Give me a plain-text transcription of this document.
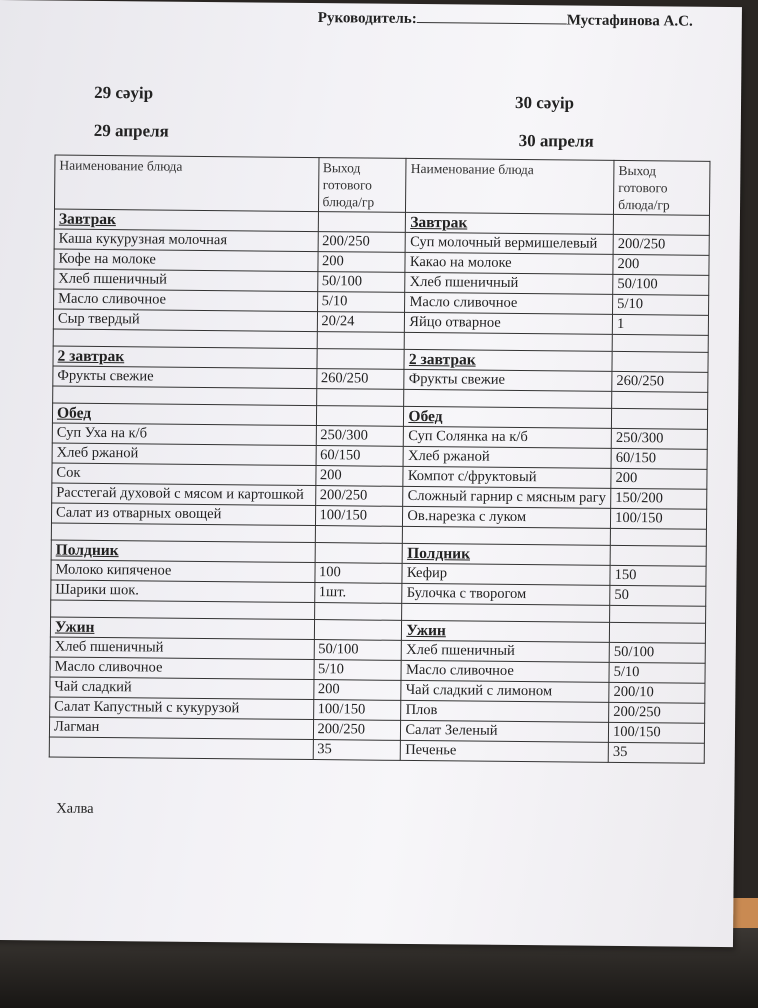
Руководитель:	Мустафинова А.С.
29 сәуір
29 апреля
30 сәуір
30 апреля
Наименование блюда	Выход готового блюда/гр	Наименование блюда	Выход готового блюда/гр
Завтрак		Завтрак	
Каша кукурузная молочная	200/250	Суп молочный вермишелевый	200/250
Кофе на молоке	200	Какао на молоке	200
Хлеб пшеничный	50/100	Хлеб пшеничный	50/100
Масло сливочное	5/10	Масло сливочное	5/10
Сыр твердый	20/24	Яйцо отварное	1

2 завтрак		2 завтрак	
Фрукты свежие	260/250	Фрукты свежие	260/250

Обед		Обед	
Суп Уха на к/б	250/300	Суп Солянка на к/б	250/300
Хлеб ржаной	60/150	Хлеб ржаной	60/150
Сок	200	Компот с/фруктовый	200
Расстегай духовой с мясом и картошкой	200/250	Сложный гарнир с мясным рагу	150/200
Салат из отварных овощей	100/150	Ов.нарезка с луком	100/150

Полдник		Полдник	
Молоко кипяченое	100	Кефир	150
Шарики шок.	1шт.	Булочка с творогом	50

Ужин		Ужин	
Хлеб пшеничный	50/100	Хлеб пшеничный	50/100
Масло сливочное	5/10	Масло сливочное	5/10
Чай сладкий	200	Чай сладкий с лимоном	200/10
Салат Капустный с кукурузой	100/150	Плов	200/250
Лагман	200/250	Салат Зеленый	100/150
	35	Печенье	35
Халва
